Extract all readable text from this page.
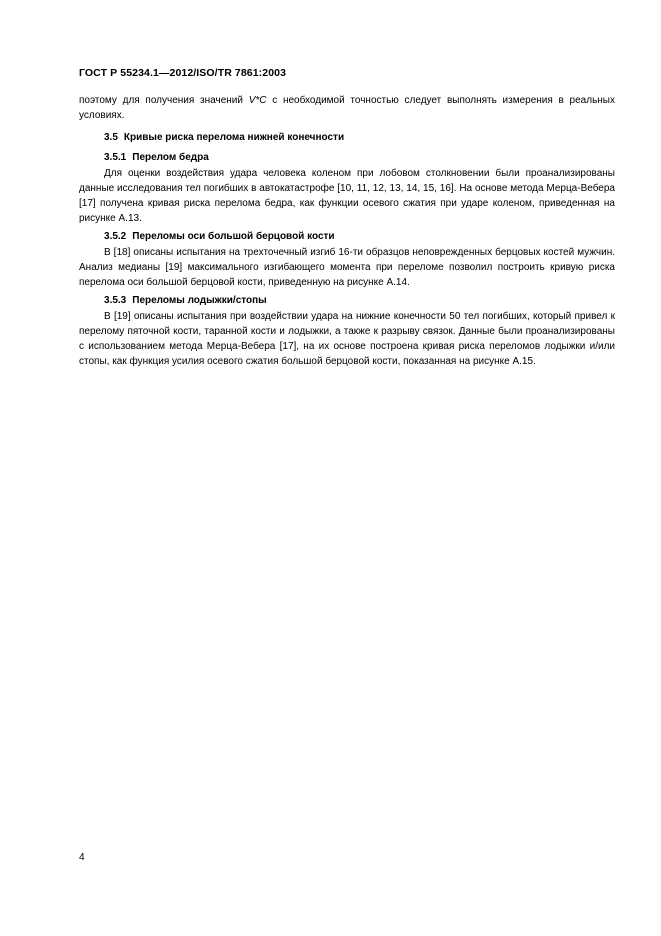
ГОСТ Р 55234.1—2012/ISO/TR 7861:2003

поэтому для получения значений V*C с необходимой точностью следует выполнять измерения в реальных условиях.

3.5 Кривые риска перелома нижней конечности
3.5.1 Перелом бедра

Для оценки воздействия удара человека коленом при лобовом столкновении были проанализированы данные исследования тел погибших в автокатастрофе [10, 11, 12, 13, 14, 15, 16]. На основе метода Мерца-Вебера [17] получена кривая риска перелома бедра, как функции осевого сжатия при ударе коленом, приведенная на рисунке А.13.

3.5.2 Переломы оси большой берцовой кости

В [18] описаны испытания на трехточечный изгиб 16-ти образцов неповрежденных берцовых костей мужчин. Анализ медианы [19] максимального изгибающего момента при переломе позволил построить кривую риска перелома оси большой берцовой кости, приведенную на рисунке А.14.

3.5.3 Переломы лодыжки/стопы

В [19] описаны испытания при воздействии удара на нижние конечности 50 тел погибших, который привел к перелому пяточной кости, таранной кости и лодыжки, а также к разрыву связок. Данные были проанализированы с использованием метода Мерца-Вебера [17], на их основе построена кривая риска переломов лодыжки и/или стопы, как функция усилия осевого сжатия большой берцовой кости, показанная на рисунке А.15.

4
